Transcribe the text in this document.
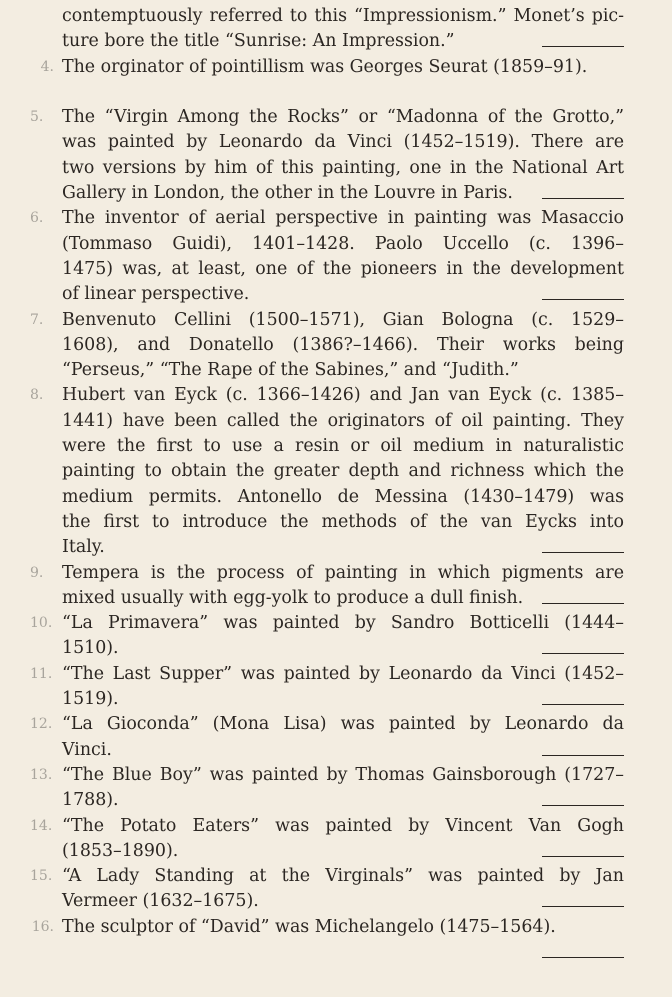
contemptuously referred to this “Impressionism.” Monet’s pic-
ture bore the title “Sunrise: An Impression.”
4. The orginator of pointillism was Georges Seurat (1859–91).
5.	The “Virgin Among the Rocks” or “Madonna of the Grotto,”
was painted by Leonardo da Vinci (1452–1519). There are
two versions by him of this painting, one in the National Art
Gallery in London, the other in the Louvre in Paris.
6.	The inventor of aerial perspective in painting was Masaccio
(Tommaso Guidi), 1401–1428. Paolo Uccello (c. 1396–
1475) was, at least, one of the pioneers in the development
of linear perspective.
7.	Benvenuto Cellini (1500–1571), Gian Bologna (c. 1529–
1608), and Donatello (1386?–1466). Their works being
“Perseus,” “The Rape of the Sabines,” and “Judith.”
8.	Hubert van Eyck (c. 1366–1426) and Jan van Eyck (c. 1385–
1441) have been called the originators of oil painting. They
were the first to use a resin or oil medium in naturalistic
painting to obtain the greater depth and richness which the
medium permits. Antonello de Messina (1430–1479) was
the first to introduce the methods of the van Eycks into
Italy.
9.	Tempera is the process of painting in which pigments are
mixed usually with egg-yolk to produce a dull finish.
10. “La Primavera” was painted by Sandro Botticelli (1444–
1510).
11. “The Last Supper” was painted by Leonardo da Vinci (1452–
1519).
12. “La Gioconda” (Mona Lisa) was painted by Leonardo da
Vinci.
13. “The Blue Boy” was painted by Thomas Gainsborough (1727–
1788).
14. “The Potato Eaters” was painted by Vincent Van Gogh
(1853–1890).
15. “A Lady Standing at the Virginals” was painted by Jan
Vermeer (1632–1675).
16. The sculptor of “David” was Michelangelo (1475–1564).
